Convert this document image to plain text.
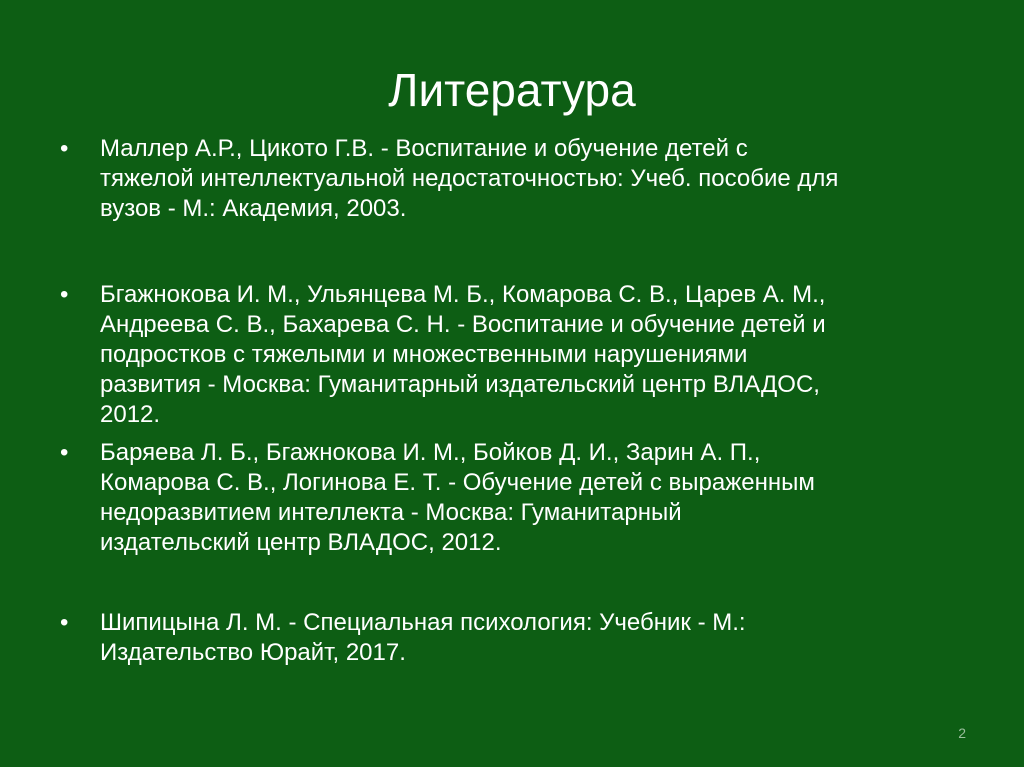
Литература
•	Маллер А.Р., Цикото Г.В. - Воспитание и обучение детей с
тяжелой интеллектуальной недостаточностью: Учеб. пособие для
вузов - М.: Академия, 2003.
•	Бгажнокова И. М., Ульянцева М. Б., Комарова С. В., Царев А. М.,
Андреева С. В., Бахарева С. Н. - Воспитание и обучение детей и
подростков с тяжелыми и множественными нарушениями
развития - Москва: Гуманитарный издательский центр ВЛАДОС,
2012.
•	Баряева Л. Б., Бгажнокова И. М., Бойков Д. И., Зарин А. П.,
Комарова С. В., Логинова Е. Т. - Обучение детей с выраженным
недоразвитием интеллекта - Москва: Гуманитарный
издательский центр ВЛАДОС, 2012.
•	Шипицына Л. М. - Специальная психология: Учебник - М.:
Издательство Юрайт, 2017.
2
